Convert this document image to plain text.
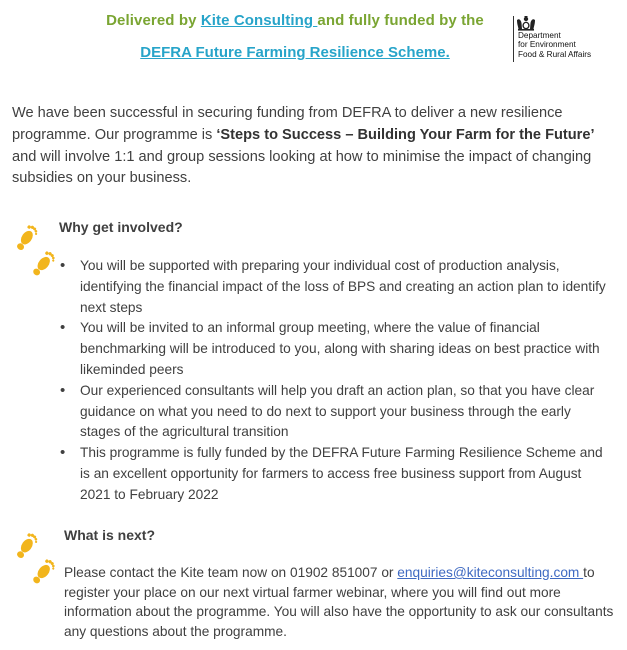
Delivered by Kite Consulting and fully funded by the
DEFRA Future Farming Resilience Scheme.
Department
for Environment
Food & Rural Affairs
We have been successful in securing funding from DEFRA to deliver a new resilience programme. Our programme is ‘Steps to Success – Building Your Farm for the Future’ and will involve 1:1 and group sessions looking at how to minimise the impact of changing subsidies on your business.
Why get involved?
• You will be supported with preparing your individual cost of production analysis, identifying the financial impact of the loss of BPS and creating an action plan to identify next steps
• You will be invited to an informal group meeting, where the value of financial benchmarking will be introduced to you, along with sharing ideas on best practice with likeminded peers
• Our experienced consultants will help you draft an action plan, so that you have clear guidance on what you need to do next to support your business through the early stages of the agricultural transition
• This programme is fully funded by the DEFRA Future Farming Resilience Scheme and is an excellent opportunity for farmers to access free business support from August 2021 to February 2022
What is next?
Please contact the Kite team now on 01902 851007 or enquiries@kiteconsulting.com to register your place on our next virtual farmer webinar, where you will find out more information about the programme. You will also have the opportunity to ask our consultants any questions about the programme.
